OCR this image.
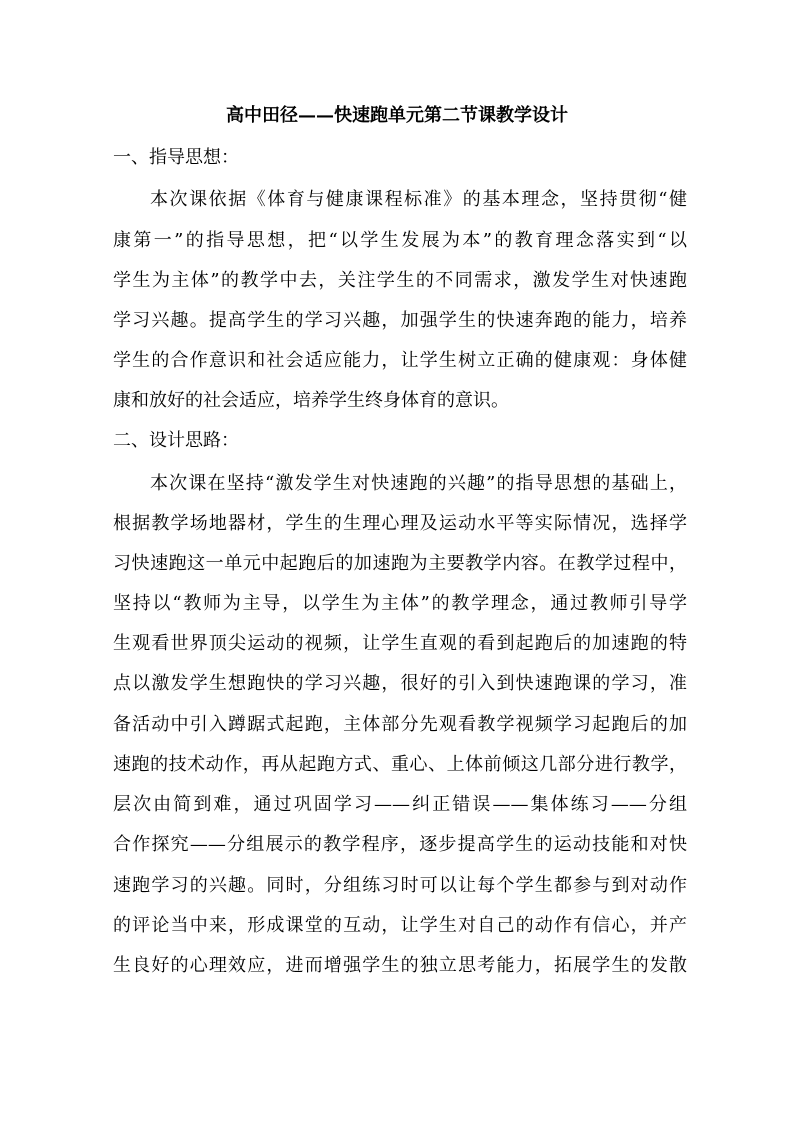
高中田径——快速跑单元第二节课教学设计
一、指导思想：
本次课依据《体育与健康课程标准》的基本理念，坚持贯彻“健
康第一”的指导思想，把“以学生发展为本”的教育理念落实到“以
学生为主体”的教学中去，关注学生的不同需求，激发学生对快速跑
学习兴趣。提高学生的学习兴趣，加强学生的快速奔跑的能力，培养
学生的合作意识和社会适应能力，让学生树立正确的健康观：身体健
康和放好的社会适应，培养学生终身体育的意识。
二、设计思路：
本次课在坚持“激发学生对快速跑的兴趣”的指导思想的基础上，
根据教学场地器材，学生的生理心理及运动水平等实际情况，选择学
习快速跑这一单元中起跑后的加速跑为主要教学内容。在教学过程中，
坚持以“教师为主导，以学生为主体”的教学理念，通过教师引导学
生观看世界顶尖运动的视频，让学生直观的看到起跑后的加速跑的特
点以激发学生想跑快的学习兴趣，很好的引入到快速跑课的学习，准
备活动中引入蹲踞式起跑，主体部分先观看教学视频学习起跑后的加
速跑的技术动作，再从起跑方式、重心、上体前倾这几部分进行教学，
层次由简到难，通过巩固学习——纠正错误——集体练习——分组
合作探究——分组展示的教学程序，逐步提高学生的运动技能和对快
速跑学习的兴趣。同时，分组练习时可以让每个学生都参与到对动作
的评论当中来，形成课堂的互动，让学生对自己的动作有信心，并产
生良好的心理效应，进而增强学生的独立思考能力，拓展学生的发散
